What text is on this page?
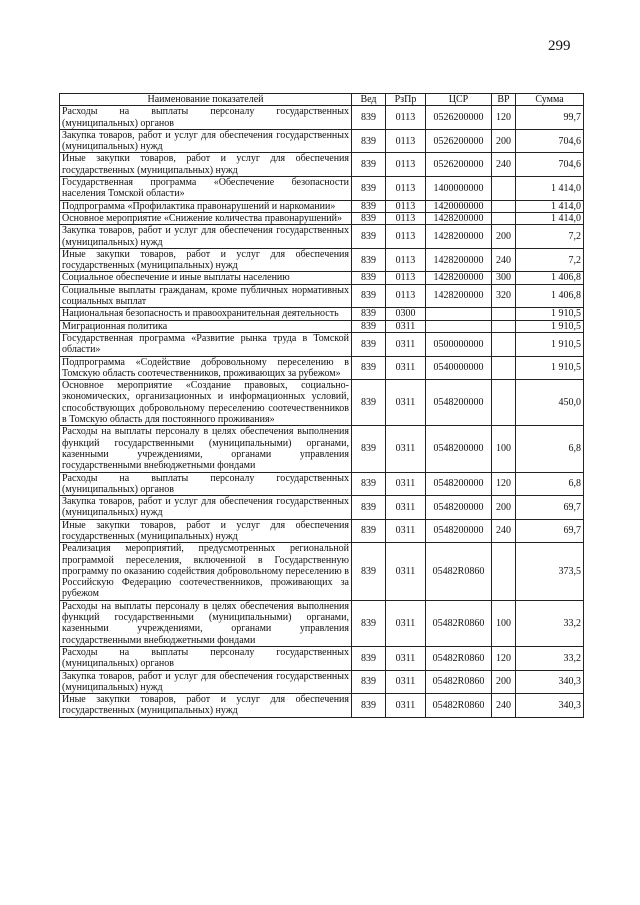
299
Наименование показателей	Вед	РзПр	ЦСР	ВР	Сумма
Расходы на выплаты персоналу государственных (муниципальных) органов	839	0113	0526200000	120	99,7
Закупка товаров, работ и услуг для обеспечения государственных (муниципальных) нужд	839	0113	0526200000	200	704,6
Иные закупки товаров, работ и услуг для обеспечения государственных (муниципальных) нужд	839	0113	0526200000	240	704,6
Государственная программа «Обеспечение безопасности населения Томской области»	839	0113	1400000000		1 414,0
Подпрограмма «Профилактика правонарушений и наркомании»	839	0113	1420000000		1 414,0
Основное мероприятие «Снижение количества правонарушений»	839	0113	1428200000		1 414,0
Закупка товаров, работ и услуг для обеспечения государственных (муниципальных) нужд	839	0113	1428200000	200	7,2
Иные закупки товаров, работ и услуг для обеспечения государственных (муниципальных) нужд	839	0113	1428200000	240	7,2
Социальное обеспечение и иные выплаты населению	839	0113	1428200000	300	1 406,8
Социальные выплаты гражданам, кроме публичных нормативных социальных выплат	839	0113	1428200000	320	1 406,8
Национальная безопасность и правоохранительная деятельность	839	0300			1 910,5
Миграционная политика	839	0311			1 910,5
Государственная программа «Развитие рынка труда в Томской области»	839	0311	0500000000		1 910,5
Подпрограмма «Содействие добровольному переселению в Томскую область соотечественников, проживающих за рубежом»	839	0311	0540000000		1 910,5
Основное мероприятие «Создание правовых, социально-экономических, организационных и информационных условий, способствующих добровольному переселению соотечественников в Томскую область для постоянного проживания»	839	0311	0548200000		450,0
Расходы на выплаты персоналу в целях обеспечения выполнения функций государственными (муниципальными) органами, казенными учреждениями, органами управления государственными внебюджетными фондами	839	0311	0548200000	100	6,8
Расходы на выплаты персоналу государственных (муниципальных) органов	839	0311	0548200000	120	6,8
Закупка товаров, работ и услуг для обеспечения государственных (муниципальных) нужд	839	0311	0548200000	200	69,7
Иные закупки товаров, работ и услуг для обеспечения государственных (муниципальных) нужд	839	0311	0548200000	240	69,7
Реализация мероприятий, предусмотренных региональной программой переселения, включенной в Государственную программу по оказанию содействия добровольному переселению в Российскую Федерацию соотечественников, проживающих за рубежом	839	0311	05482R0860		373,5
Расходы на выплаты персоналу в целях обеспечения выполнения функций государственными (муниципальными) органами, казенными учреждениями, органами управления государственными внебюджетными фондами	839	0311	05482R0860	100	33,2
Расходы на выплаты персоналу государственных (муниципальных) органов	839	0311	05482R0860	120	33,2
Закупка товаров, работ и услуг для обеспечения государственных (муниципальных) нужд	839	0311	05482R0860	200	340,3
Иные закупки товаров, работ и услуг для обеспечения государственных (муниципальных) нужд	839	0311	05482R0860	240	340,3
